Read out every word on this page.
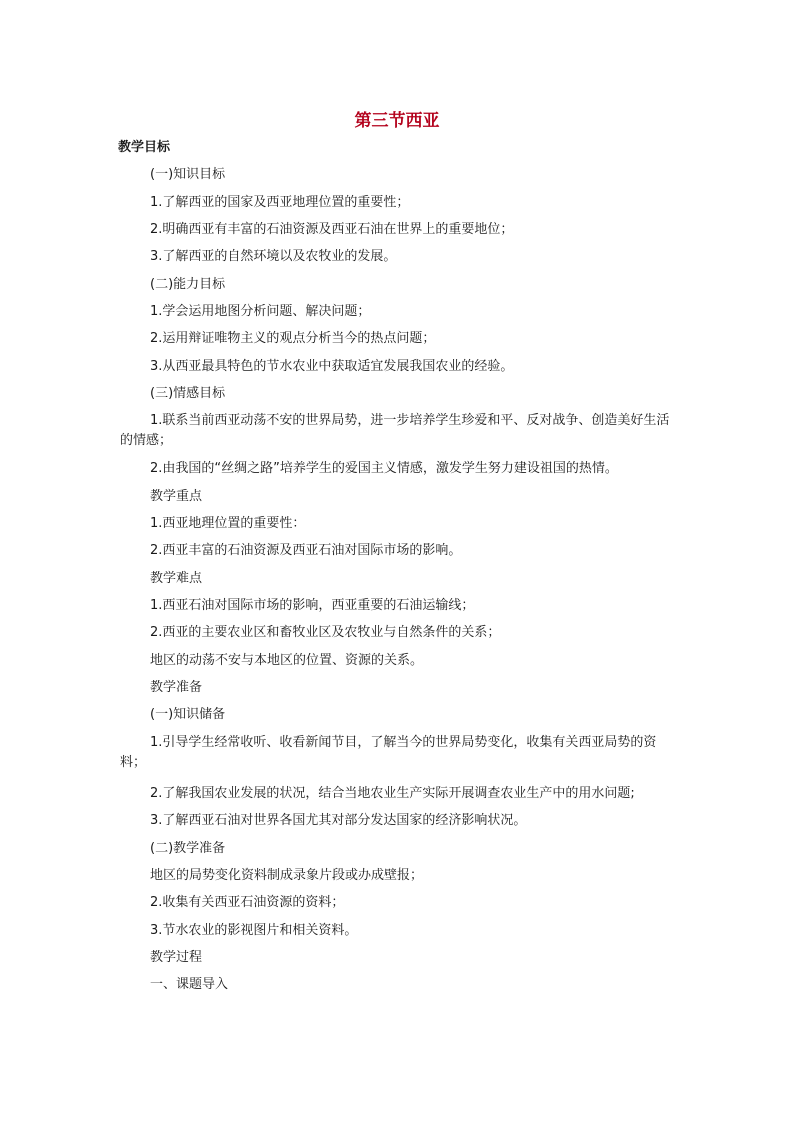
第三节西亚
教学目标
(一)知识目标
1.了解西亚的国家及西亚地理位置的重要性；
2.明确西亚有丰富的石油资源及西亚石油在世界上的重要地位；
3.了解西亚的自然环境以及农牧业的发展。
(二)能力目标
1.学会运用地图分析问题、解决问题；
2.运用辩证唯物主义的观点分析当今的热点问题；
3.从西亚最具特色的节水农业中获取适宜发展我国农业的经验。
(三)情感目标
1.联系当前西亚动荡不安的世界局势，进一步培养学生珍爱和平、反对战争、创造美好生活的情感；
2.由我国的“丝绸之路”培养学生的爱国主义情感，激发学生努力建设祖国的热情。
教学重点
1.西亚地理位置的重要性：
2.西亚丰富的石油资源及西亚石油对国际市场的影响。
教学难点
1.西亚石油对国际市场的影响，西亚重要的石油运输线；
2.西亚的主要农业区和畜牧业区及农牧业与自然条件的关系；
地区的动荡不安与本地区的位置、资源的关系。
教学准备
(一)知识储备
1.引导学生经常收听、收看新闻节目，了解当今的世界局势变化，收集有关西亚局势的资料；
2.了解我国农业发展的状况，结合当地农业生产实际开展调查农业生产中的用水问题;
3.了解西亚石油对世界各国尤其对部分发达国家的经济影响状况。
(二)教学准备
地区的局势变化资料制成录象片段或办成壁报；
2.收集有关西亚石油资源的资料；
3.节水农业的影视图片和相关资料。
教学过程
一、课题导入
